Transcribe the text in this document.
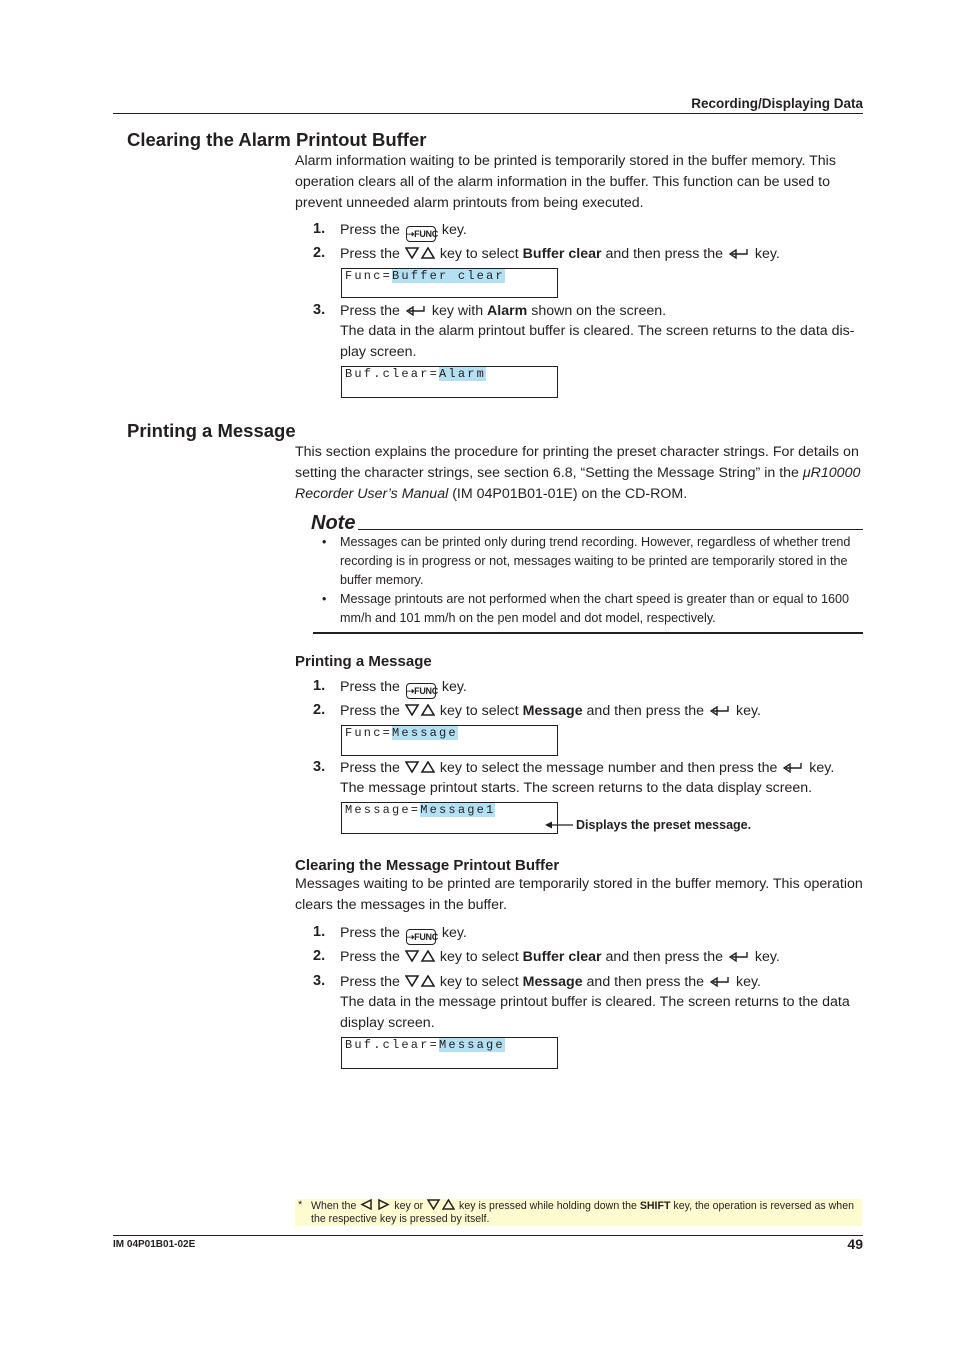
Recording/Displaying Data
Clearing the Alarm Printout Buffer
Alarm information waiting to be printed is temporarily stored in the buffer memory. This operation clears all of the alarm information in the buffer. This function can be used to prevent unneeded alarm printouts from being executed.
1. Press the ⇢FUNC key.
2. Press the	key to select Buffer clear and then press the key.
Func=Buffer clear
3. Press the key with Alarm shown on the screen.
The data in the alarm printout buffer is cleared. The screen returns to the data dis-play screen.
Buf.clear=Alarm
Printing a Message
This section explains the procedure for printing the preset character strings. For details on setting the character strings, see section 6.8, “Setting the Message String” in the μR10000 Recorder User’s Manual (IM 04P01B01-01E) on the CD-ROM.
Note
• Messages can be printed only during trend recording. However, regardless of whether trend recording is in progress or not, messages waiting to be printed are temporarily stored in the buffer memory.
• Message printouts are not performed when the chart speed is greater than or equal to 1600 mm/h and 101 mm/h on the pen model and dot model, respectively.
Printing a Message
1. Press the ⇢FUNC key.
2. Press the	key to select Message and then press the key.
Func=Message
3. Press the	key to select the message number and then press the key.
The message printout starts. The screen returns to the data display screen.
Message=Message1
Displays the preset message.
Clearing the Message Printout Buffer
Messages waiting to be printed are temporarily stored in the buffer memory. This operation clears the messages in the buffer.
1. Press the ⇢FUNC key.
2. Press the	key to select Buffer clear and then press the key.
3. Press the	key to select Message and then press the key.
The data in the message printout buffer is cleared. The screen returns to the data display screen.
Buf.clear=Message
* When the	key or	key is pressed while holding down the SHIFT key, the operation is reversed as when the respective key is pressed by itself.
IM 04P01B01-02E	49
